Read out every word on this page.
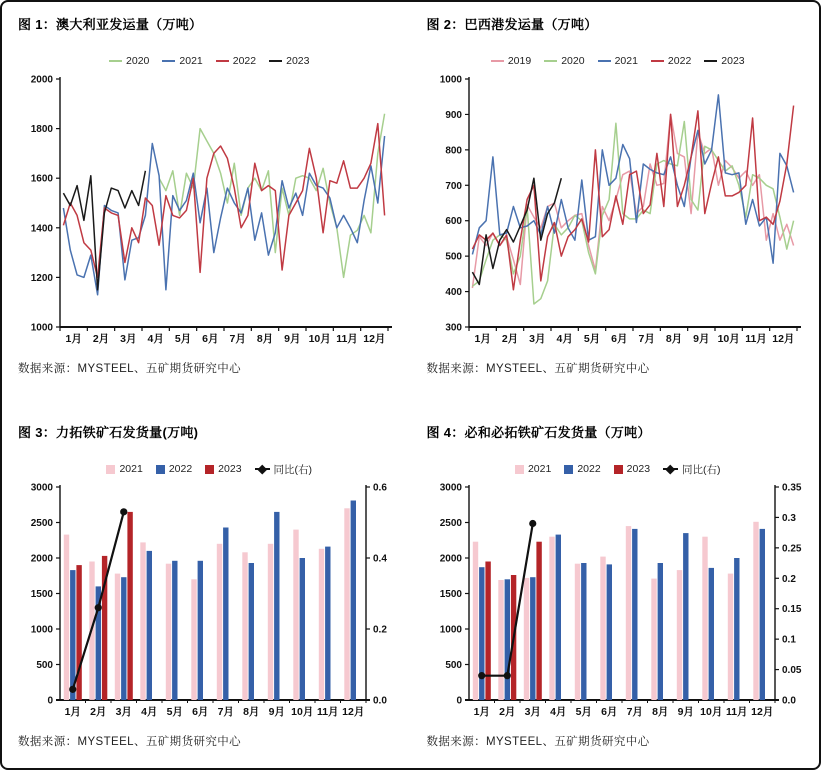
图 1：澳大利亚发运量（万吨）
2020	2021	2022	2023
1000
1200
1400
1600
1800
2000
1月 2月 3月 4月 5月 6月 7月 8月 9月 10月 11月 12月

数据来源：MYSTEEL、五矿期货研究中心

图 2：巴西港发运量（万吨）
2019	2020	2021	2022	2023
300
400
500
600
700
800
900
1000
1月 2月 3月 4月 5月 6月 7月 8月 9月 10月 11月 12月

数据来源：MYSTEEL、五矿期货研究中心

图 3：力拓铁矿石发货量(万吨)
2021 2022 2023	同比(右)
0
500
1000
1500
2000
2500
3000
0.0
0.2
0.4
0.6
1月 2月 3月 4月 5月 6月 7月 8月 9月 10月 11月 12月

数据来源：MYSTEEL、五矿期货研究中心

图 4：必和必拓铁矿石发货量（万吨）
2021 2022 2023	同比(右)
0
500
1000
1500
2000
2500
3000
0.0
0.05
0.1
0.15
0.2
0.25
0.3
0.35
1月 2月 3月 4月 5月 6月 7月 8月 9月 10月 11月 12月

数据来源：MYSTEEL、五矿期货研究中心
